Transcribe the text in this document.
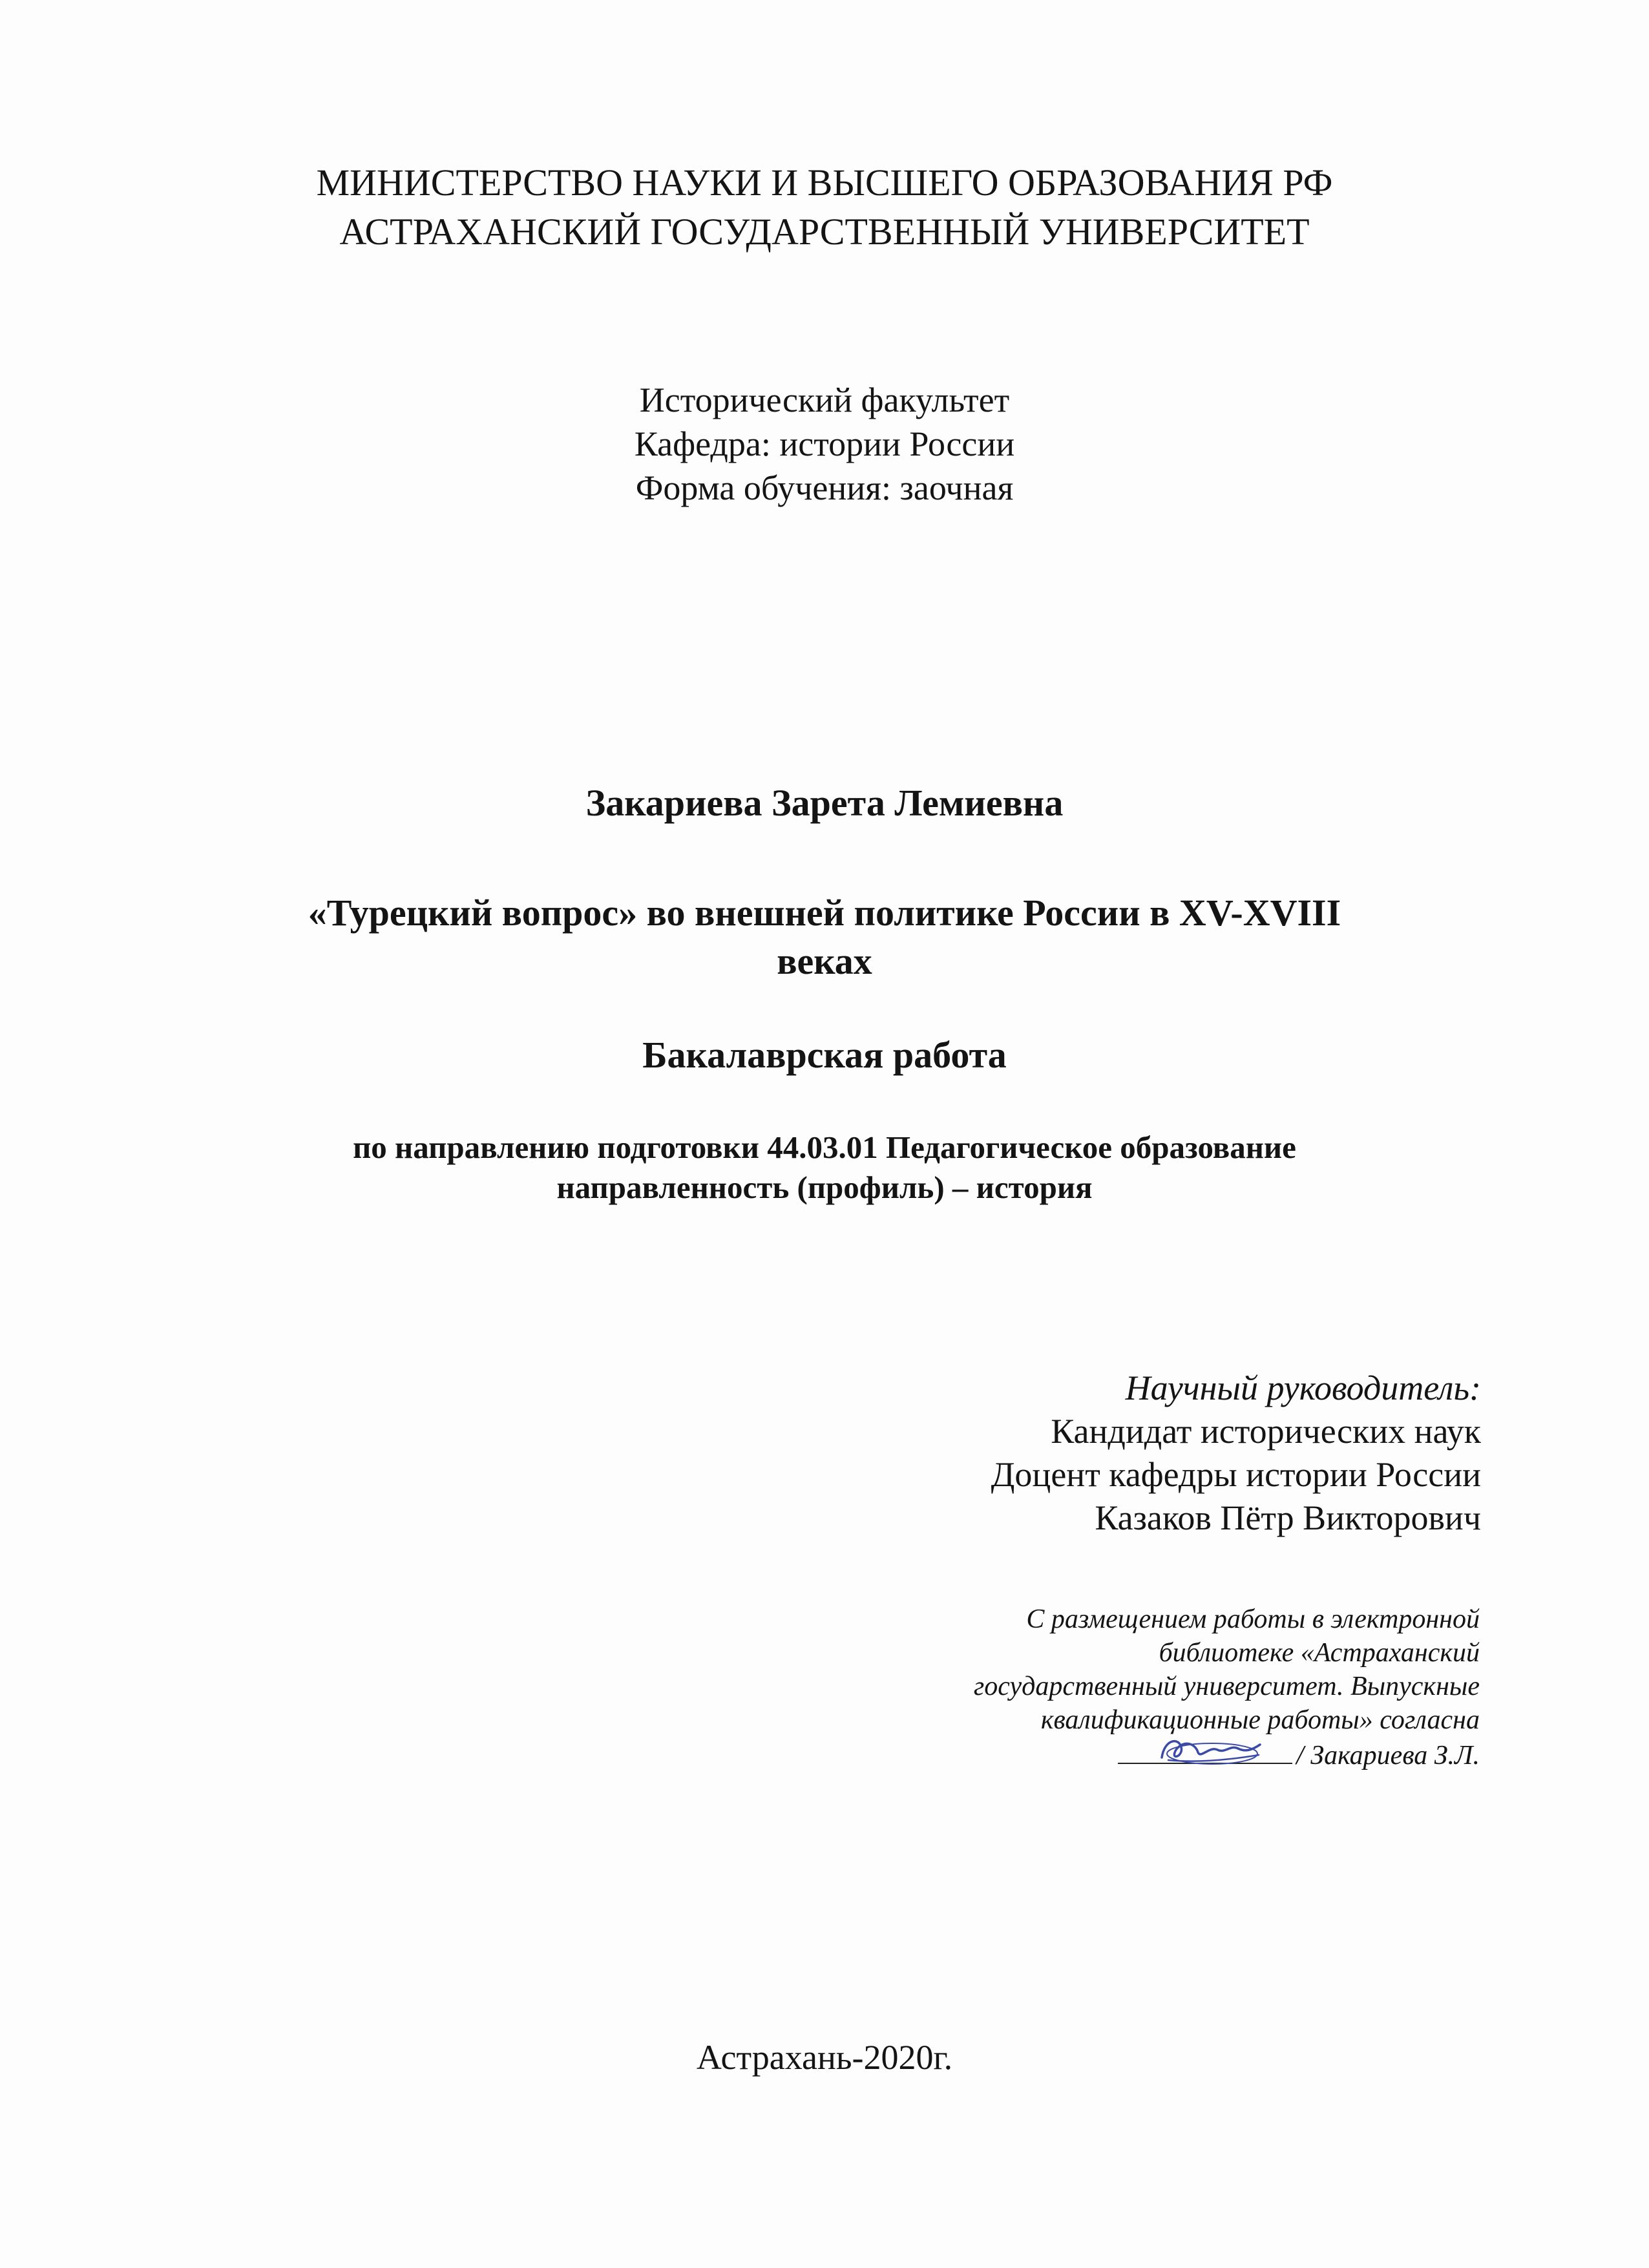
МИНИСТЕРСТВО НАУКИ И ВЫСШЕГО ОБРАЗОВАНИЯ РФ
АСТРАХАНСКИЙ ГОСУДАРСТВЕННЫЙ УНИВЕРСИТЕТ
Исторический факультет
Кафедра: истории России
Форма обучения: заочная
Закариева Зарета Лемиевна
«Турецкий вопрос» во внешней политике России в XV-XVIII
веках
Бакалаврская работа
по направлению подготовки 44.03.01 Педагогическое образование
направленность (профиль) – история
Научный руководитель:
Кандидат исторических наук
Доцент кафедры истории России
Казаков Пётр Викторович
С размещением работы в электронной
библиотеке «Астраханский
государственный университет. Выпускные
квалификационные работы» согласна
/ Закариева З.Л.
Астрахань-2020г.
